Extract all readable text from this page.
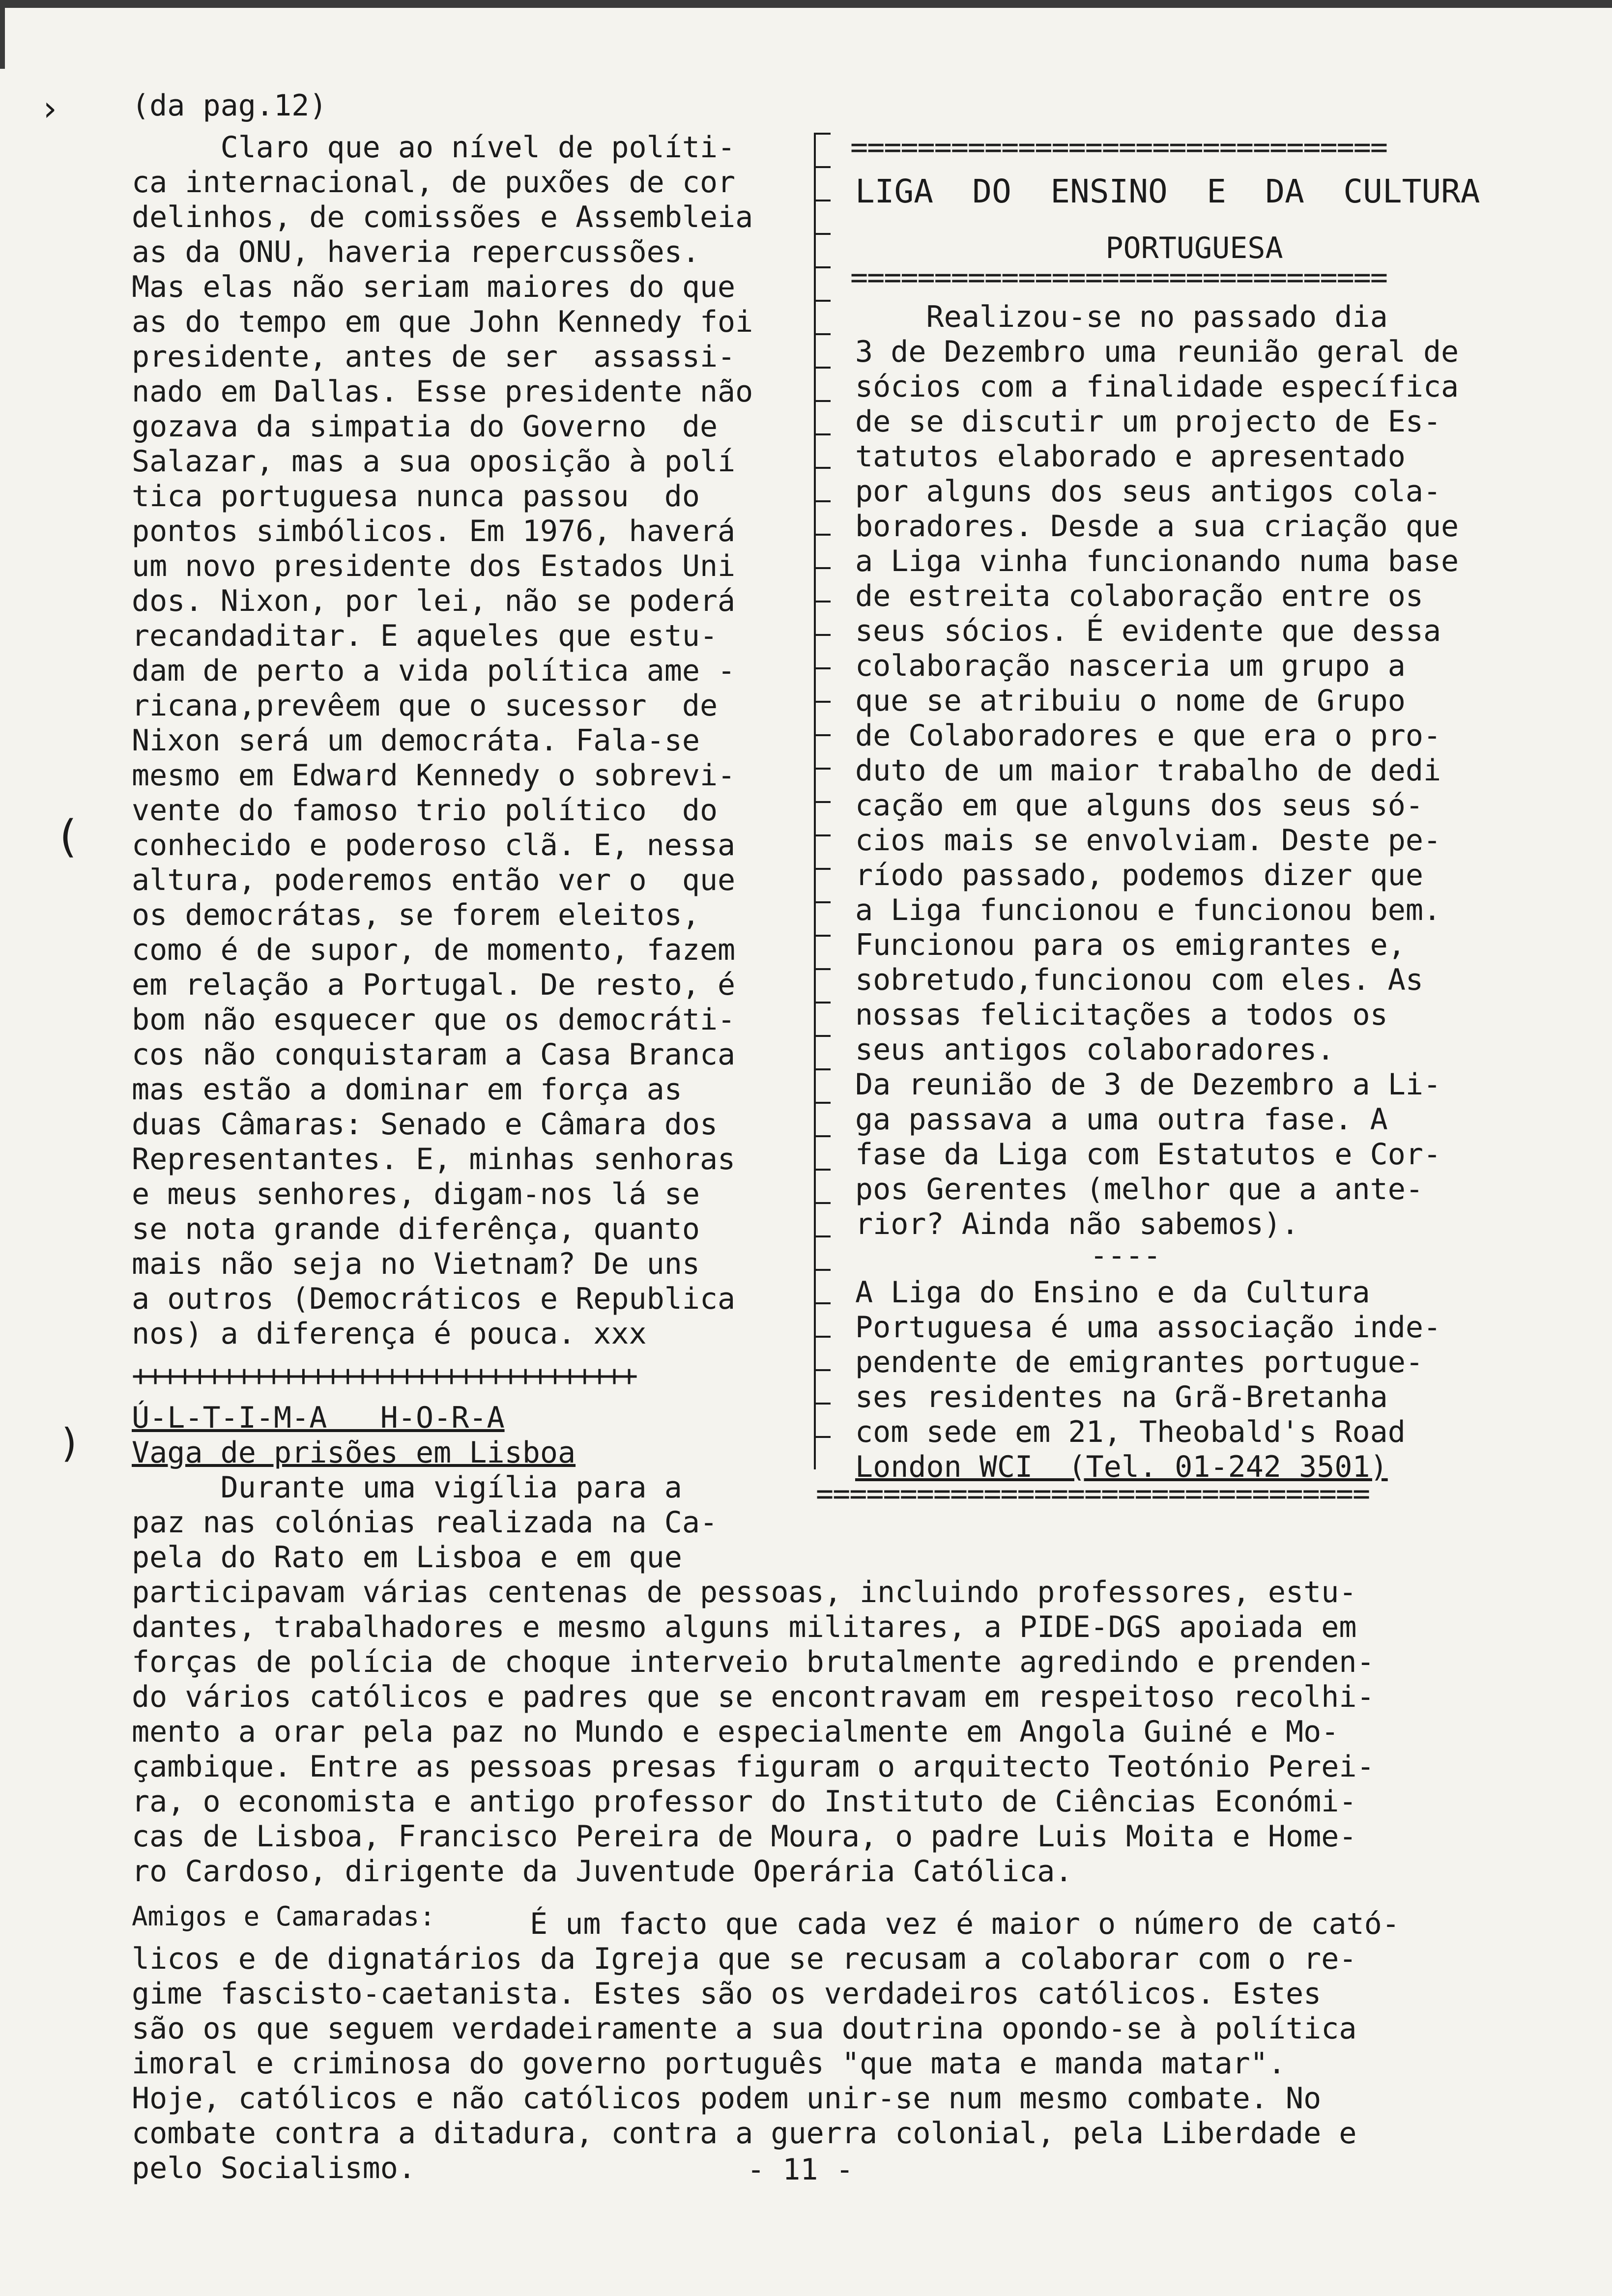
(da pag.12)
Claro que ao nível de políti-
ca internacional, de puxões de cor
delinhos, de comissões e Assembleia
as da ONU, haveria repercussões.
Mas elas não seriam maiores do que
as do tempo em que John Kennedy foi
presidente, antes de ser  assassi-
nado em Dallas. Esse presidente não
gozava da simpatia do Governo  de
Salazar, mas a sua oposição à polí
tica portuguesa nunca passou  do
pontos simbólicos. Em 1976, haverá
um novo presidente dos Estados Uni
dos. Nixon, por lei, não se poderá
recandaditar. E aqueles que estu-
dam de perto a vida política ame -
ricana,prevêem que o sucessor  de
Nixon será um democráta. Fala-se
mesmo em Edward Kennedy o sobrevi-
vente do famoso trio político  do
conhecido e poderoso clã. E, nessa
altura, poderemos então ver o  que
os democrátas, se forem eleitos,
como é de supor, de momento, fazem
em relação a Portugal. De resto, é
bom não esquecer que os democráti-
cos não conquistaram a Casa Branca
mas estão a dominar em força as
duas Câmaras: Senado e Câmara dos
Representantes. E, minhas senhoras
e meus senhores, digam-nos lá se
se nota grande diferênça, quanto
mais não seja no Vietnam? De uns
a outros (Democráticos e Republica
nos) a diferença é pouca. xxx
++++++++++++++++++++++++++++++++++
Ú-L-T-I-M-A   H-O-R-A
Vaga de prisões em Lisboa
Durante uma vigília para a
paz nas colónias realizada na Ca-
pela do Rato em Lisboa e em que
================================
LIGA  DO  ENSINO  E  DA  CULTURA
PORTUGUESA
================================
Realizou-se no passado dia
3 de Dezembro uma reunião geral de
sócios com a finalidade específica
de se discutir um projecto de Es-
tatutos elaborado e apresentado
por alguns dos seus antigos cola-
boradores. Desde a sua criação que
a Liga vinha funcionando numa base
de estreita colaboração entre os
seus sócios. É evidente que dessa
colaboração nasceria um grupo a
que se atribuiu o nome de Grupo
de Colaboradores e que era o pro-
duto de um maior trabalho de dedi
cação em que alguns dos seus só-
cios mais se envolviam. Deste pe-
ríodo passado, podemos dizer que
a Liga funcionou e funcionou bem.
Funcionou para os emigrantes e,
sobretudo,funcionou com eles. As
nossas felicitações a todos os
seus antigos colaboradores.
Da reunião de 3 de Dezembro a Li-
ga passava a uma outra fase. A
fase da Liga com Estatutos e Cor-
pos Gerentes (melhor que a ante-
rior? Ainda não sabemos).
----
A Liga do Ensino e da Cultura
Portuguesa é uma associação inde-
pendente de emigrantes portugue-
ses residentes na Grã-Bretanha
com sede em 21, Theobald's Road
London WCI  (Tel. 01-242 3501)
=================================
participavam várias centenas de pessoas, incluindo professores, estu-
dantes, trabalhadores e mesmo alguns militares, a PIDE-DGS apoiada em
forças de polícia de choque interveio brutalmente agredindo e prenden-
do vários católicos e padres que se encontravam em respeitoso recolhi-
mento a orar pela paz no Mundo e especialmente em Angola Guiné e Mo-
çambique. Entre as pessoas presas figuram o arquitecto Teotónio Perei-
ra, o economista e antigo professor do Instituto de Ciências Económi-
cas de Lisboa, Francisco Pereira de Moura, o padre Luis Moita e Home-
ro Cardoso, dirigente da Juventude Operária Católica.
Amigos e Camaradas:	É um facto que cada vez é maior o número de cató-
licos e de dignatários da Igreja que se recusam a colaborar com o re-
gime fascisto-caetanista. Estes são os verdadeiros católicos. Estes
são os que seguem verdadeiramente a sua doutrina opondo-se à política
imoral e criminosa do governo português "que mata e manda matar".
Hoje, católicos e não católicos podem unir-se num mesmo combate. No
combate contra a ditadura, contra a guerra colonial, pela Liberdade e
pelo Socialismo.	- 11 -
›
(
)
